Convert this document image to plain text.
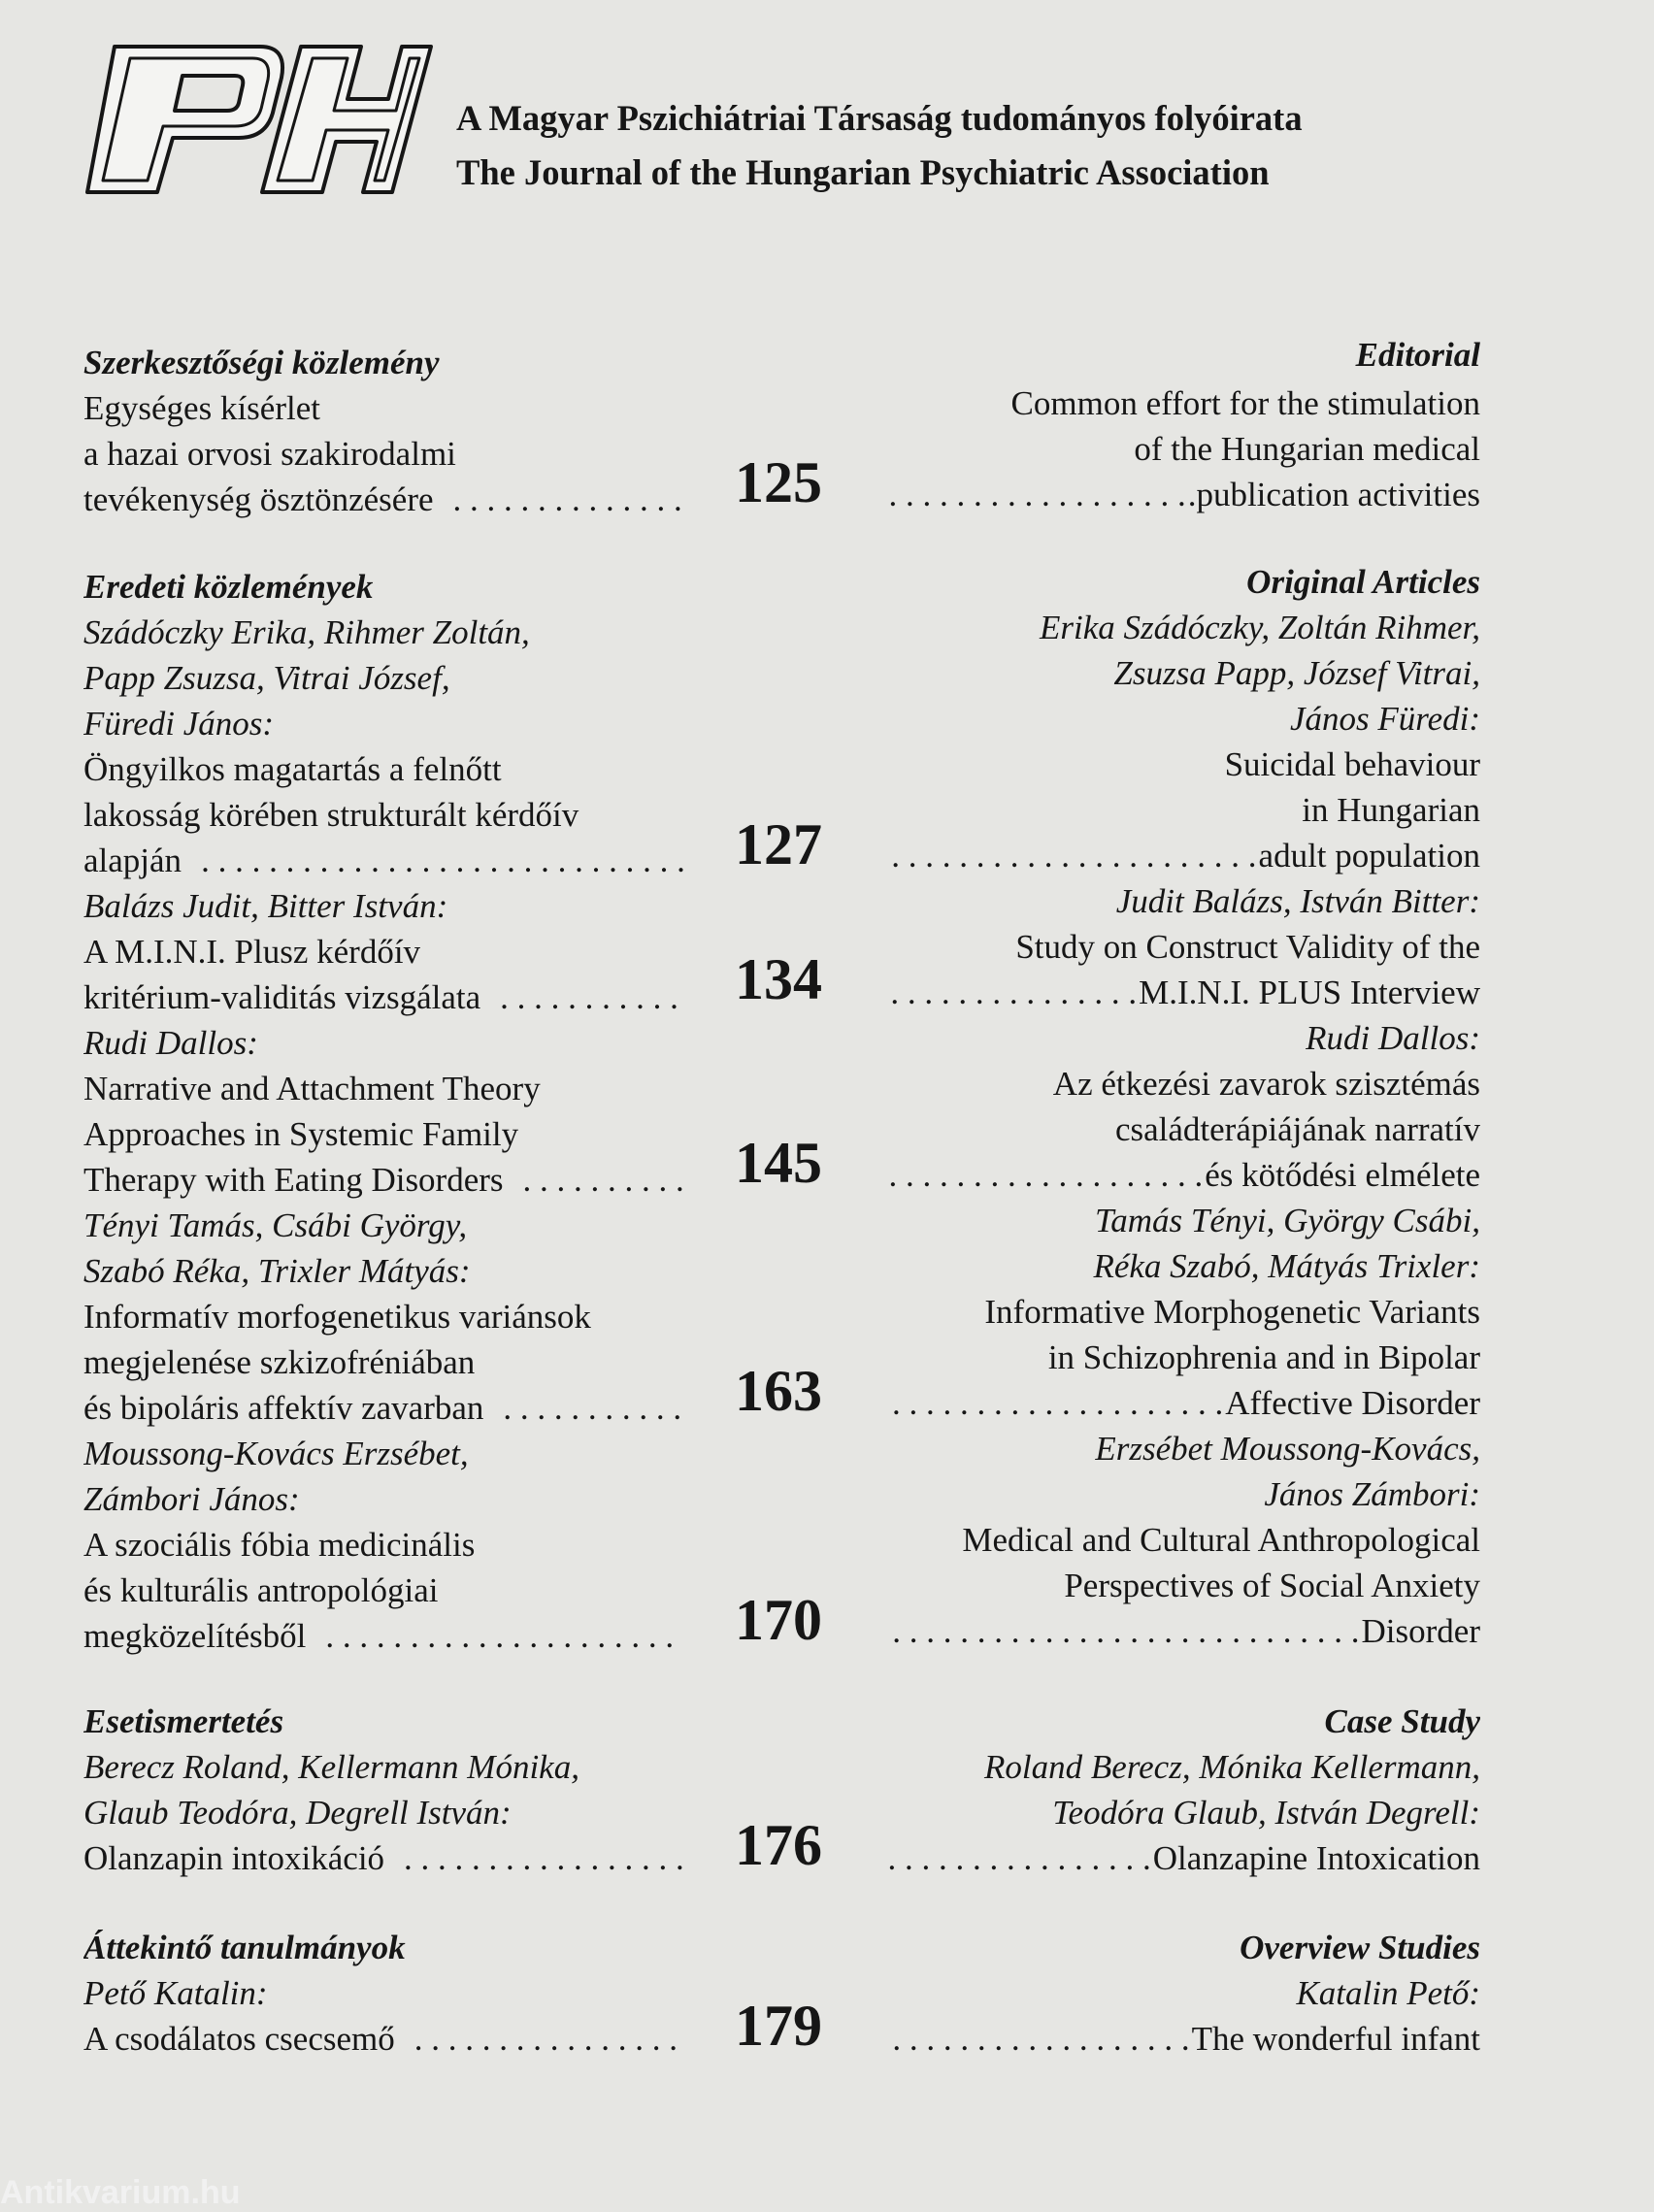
A Magyar Pszichiátriai Társaság tudományos folyóirata
The Journal of the Hungarian Psychiatric Association
Szerkesztőségi közlemény	Editorial
Egységes kísérlet
a hazai orvosi szakirodalmi
tevékenység ösztönzésére . . .	125
Common effort for the stimulation
of the Hungarian medical
. . .
.publication activities
Eredeti közlemények	Original Articles
Szádóczky Erika, Rihmer Zoltán,
Papp Zsuzsa, Vitrai József,
Füredi János:
Öngyilkos magatartás a felnőtt
lakosság körében strukturált kérdőív
alapján . . .	127
Erika Szádóczky, Zoltán Rihmer,
Zsuzsa Papp, József Vitrai,
János Füredi:
Suicidal behaviour
in Hungarian
. . .
adult population
Balázs Judit, Bitter István:
A M.I.N.I. Plusz kérdőív
kritérium-validitás vizsgálata . . .	134
Judit Balázs, István Bitter:
Study on Construct Validity of the
. . .
M.I.N.I. PLUS Interview
Rudi Dallos:
Narrative and Attachment Theory
Approaches in Systemic Family
Therapy with Eating Disorders . . .	145
Rudi Dallos:
Az étkezési zavarok szisztémás
családterápiájának narratív
. . .
és kötődési elmélete
Tényi Tamás, Csábi György,
Szabó Réka, Trixler Mátyás:
Informatív morfogenetikus variánsok
megjelenése szkizofréniában
és bipoláris affektív zavarban . . .	163
Tamás Tényi, György Csábi,
Réka Szabó, Mátyás Trixler:
Informative Morphogenetic Variants
in Schizophrenia and in Bipolar
. . .
Affective Disorder
Moussong-Kovács Erzsébet,
Zámbori János:
A szociális fóbia medicinális
és kulturális antropológiai
megközelítésből . . .	170
Erzsébet Moussong-Kovács,
János Zámbori:
Medical and Cultural Anthropological
Perspectives of Social Anxiety
. . .
Disorder
Esetismertetés	Case Study
Berecz Roland, Kellermann Mónika,
Glaub Teodóra, Degrell István:
Olanzapin intoxikáció . . .	176
Roland Berecz, Mónika Kellermann,
Teodóra Glaub, István Degrell:
. . .
Olanzapine Intoxication
Áttekintő tanulmányok	Overview Studies
Pető Katalin:
A csodálatos csecsemő . . .	179
Katalin Pető:
. . .
The wonderful infant
Antikvarium.hu
